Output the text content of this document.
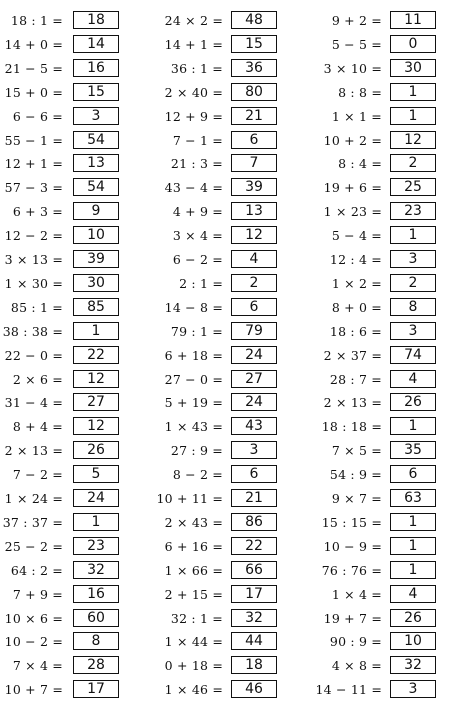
18 : 1 =	18
14 + 0 =	14
21 − 5 =	16
15 + 0 =	15
6 − 6 =	3
55 − 1 =	54
12 + 1 =	13
57 − 3 =	54
6 + 3 =	9
12 − 2 =	10
3 × 13 =	39
1 × 30 =	30
85 : 1 =	85
38 : 38 =	1
22 − 0 =	22
2 × 6 =	12
31 − 4 =	27
8 + 4 =	12
2 × 13 =	26
7 − 2 =	5
1 × 24 =	24
37 : 37 =	1
25 − 2 =	23
64 : 2 =	32
7 + 9 =	16
10 × 6 =	60
10 − 2 =	8
7 × 4 =	28
10 + 7 =	17
24 × 2 =	48
14 + 1 =	15
36 : 1 =	36
2 × 40 =	80
12 + 9 =	21
7 − 1 =	6
21 : 3 =	7
43 − 4 =	39
4 + 9 =	13
3 × 4 =	12
6 − 2 =	4
2 : 1 =	2
14 − 8 =	6
79 : 1 =	79
6 + 18 =	24
27 − 0 =	27
5 + 19 =	24
1 × 43 =	43
27 : 9 =	3
8 − 2 =	6
10 + 11 =	21
2 × 43 =	86
6 + 16 =	22
1 × 66 =	66
2 + 15 =	17
32 : 1 =	32
1 × 44 =	44
0 + 18 =	18
1 × 46 =	46
9 + 2 =	11
5 − 5 =	0
3 × 10 =	30
8 : 8 =	1
1 × 1 =	1
10 + 2 =	12
8 : 4 =	2
19 + 6 =	25
1 × 23 =	23
5 − 4 =	1
12 : 4 =	3
1 × 2 =	2
8 + 0 =	8
18 : 6 =	3
2 × 37 =	74
28 : 7 =	4
2 × 13 =	26
18 : 18 =	1
7 × 5 =	35
54 : 9 =	6
9 × 7 =	63
15 : 15 =	1
10 − 9 =	1
76 : 76 =	1
1 × 4 =	4
19 + 7 =	26
90 : 9 =	10
4 × 8 =	32
14 − 11 =	3
